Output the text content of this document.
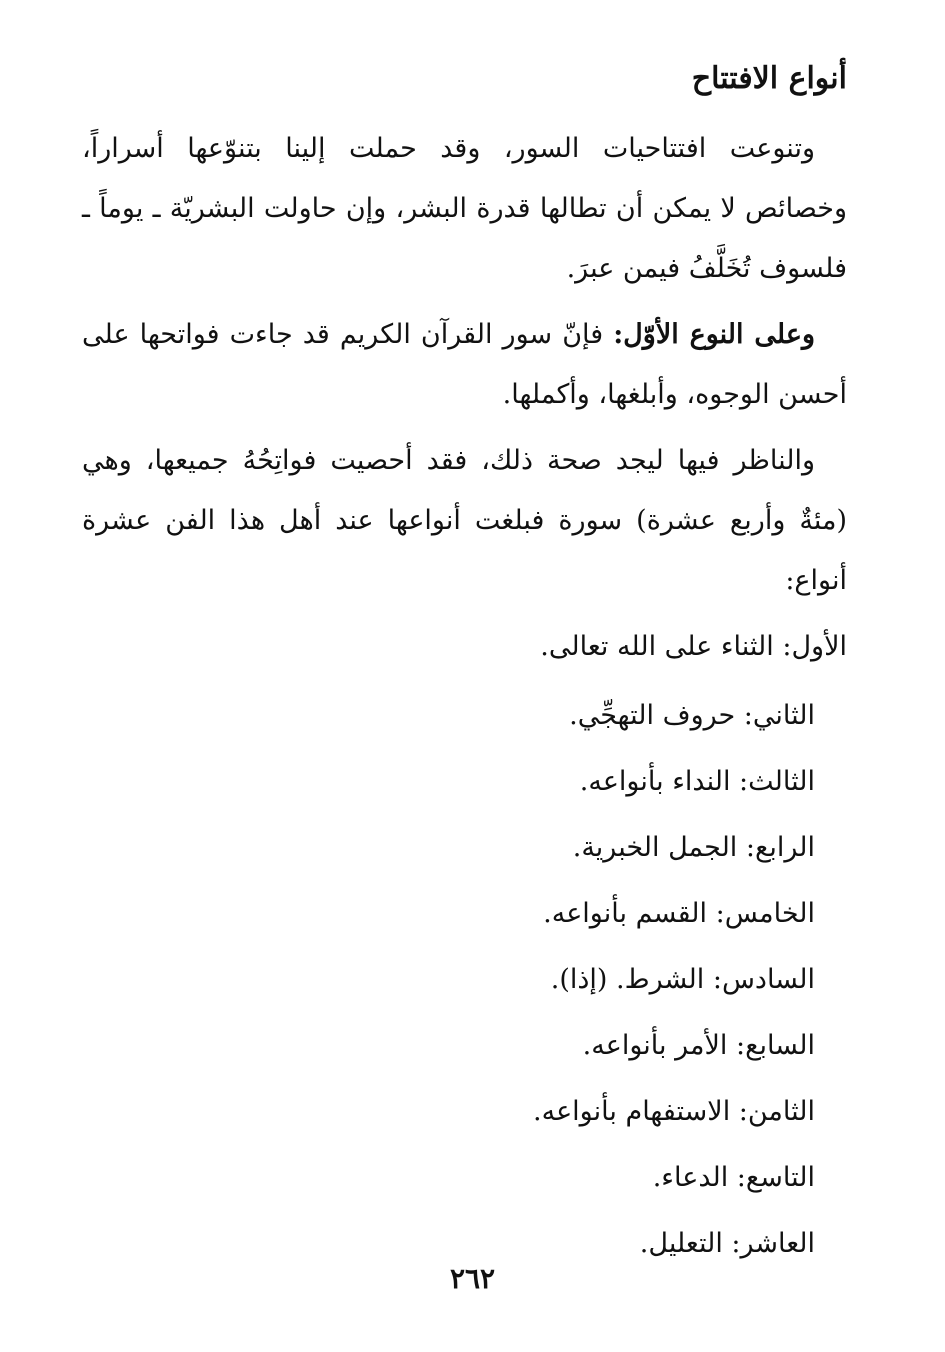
أنواع الافتتاح

وتنوعت افتتاحيات السور، وقد حملت إلينا بتنوّعها أسراراً، وخصائص لا يمكن أن تطالها قدرة البشر، وإن حاولت البشريّة ـ يوماً ـ فلسوف تُخَلَّفُ فيمن عبرَ.

وعلى النوع الأوّل: فإنّ سور القرآن الكريم قد جاءت فواتحها على أحسن الوجوه، وأبلغها، وأكملها.

والناظر فيها ليجد صحة ذلك، فقد أحصيت فواتِحُهُ جميعها، وهي (مئةٌ وأربع عشرة) سورة فبلغت أنواعها عند أهل هذا الفن عشرة أنواع:

الأول: الثناء على الله تعالى.
الثاني: حروف التهجِّي.
الثالث: النداء بأنواعه.
الرابع: الجمل الخبرية.
الخامس: القسم بأنواعه.
السادس: الشرط. (إذا).
السابع: الأمر بأنواعه.
الثامن: الاستفهام بأنواعه.
التاسع: الدعاء.
العاشر: التعليل.
٢٦٢
